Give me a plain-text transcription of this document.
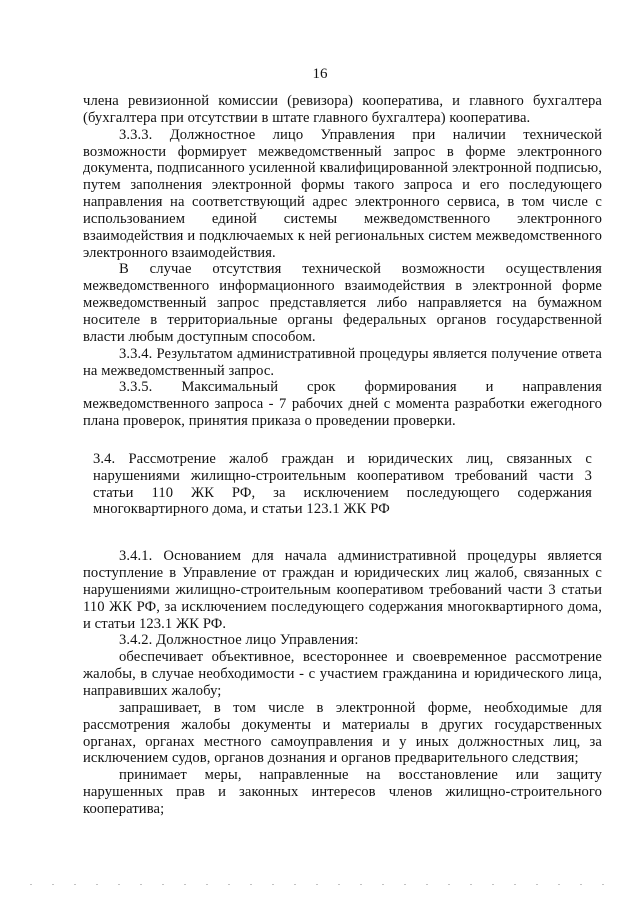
16

члена ревизионной комиссии (ревизора) кооператива, и главного бухгалтера (бухгалтера при отсутствии в штате главного бухгалтера) кооператива.

3.3.3. Должностное лицо Управления при наличии технической возможности формирует межведомственный запрос в форме электронного документа, подписанного усиленной квалифицированной электронной подписью, путем заполнения электронной формы такого запроса и его последующего направления на соответствующий адрес электронного сервиса, в том числе с использованием единой системы межведомственного электронного взаимодействия и подключаемых к ней региональных систем межведомственного электронного взаимодействия.

В случае отсутствия технической возможности осуществления межведомственного информационного взаимодействия в электронной форме межведомственный запрос представляется либо направляется на бумажном носителе в территориальные органы федеральных органов государственной власти любым доступным способом.

3.3.4. Результатом административной процедуры является получение ответа на межведомственный запрос.

3.3.5. Максимальный срок формирования и направления межведомственного запроса - 7 рабочих дней с момента разработки ежегодного плана проверок, принятия приказа о проведении проверки.

3.4. Рассмотрение жалоб граждан и юридических лиц, связанных с нарушениями жилищно-строительным кооперативом требований части 3 статьи 110 ЖК РФ, за исключением последующего содержания многоквартирного дома, и статьи 123.1 ЖК РФ

3.4.1. Основанием для начала административной процедуры является поступление в Управление от граждан и юридических лиц жалоб, связанных с нарушениями жилищно-строительным кооперативом требований части 3 статьи 110 ЖК РФ, за исключением последующего содержания многоквартирного дома, и статьи 123.1 ЖК РФ.

3.4.2. Должностное лицо Управления:

обеспечивает объективное, всестороннее и своевременное рассмотрение жалобы, в случае необходимости - с участием гражданина и юридического лица, направивших жалобу;

запрашивает, в том числе в электронной форме, необходимые для рассмотрения жалобы документы и материалы в других государственных органах, органах местного самоуправления и у иных должностных лиц, за исключением судов, органов дознания и органов предварительного следствия;

принимает меры, направленные на восстановление или защиту нарушенных прав и законных интересов членов жилищно-строительного кооператива;
